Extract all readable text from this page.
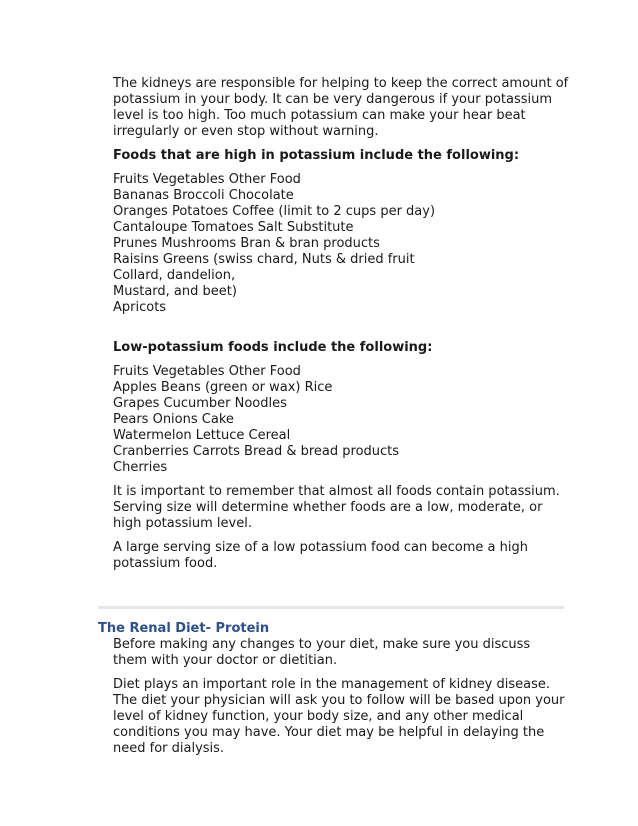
The kidneys are responsible for helping to keep the correct amount of potassium in your body. It can be very dangerous if your potassium level is too high. Too much potassium can make your hear beat irregularly or even stop without warning.

Foods that are high in potassium include the following:
Fruits Vegetables Other Food
Bananas Broccoli Chocolate
Oranges Potatoes Coffee (limit to 2 cups per day)
Cantaloupe Tomatoes Salt Substitute
Prunes Mushrooms Bran & bran products
Raisins Greens (swiss chard, Nuts & dried fruit
Collard, dandelion,
Mustard, and beet)
Apricots
Low-potassium foods include the following:
Fruits Vegetables Other Food
Apples Beans (green or wax) Rice
Grapes Cucumber Noodles
Pears Onions Cake
Watermelon Lettuce Cereal
Cranberries Carrots Bread & bread products
Cherries

It is important to remember that almost all foods contain potassium. Serving size will determine whether foods are a low, moderate, or high potassium level.

A large serving size of a low potassium food can become a high potassium food.

The Renal Diet- Protein

Before making any changes to your diet, make sure you discuss them with your doctor or dietitian.

Diet plays an important role in the management of kidney disease. The diet your physician will ask you to follow will be based upon your level of kidney function, your body size, and any other medical conditions you may have. Your diet may be helpful in delaying the need for dialysis.
